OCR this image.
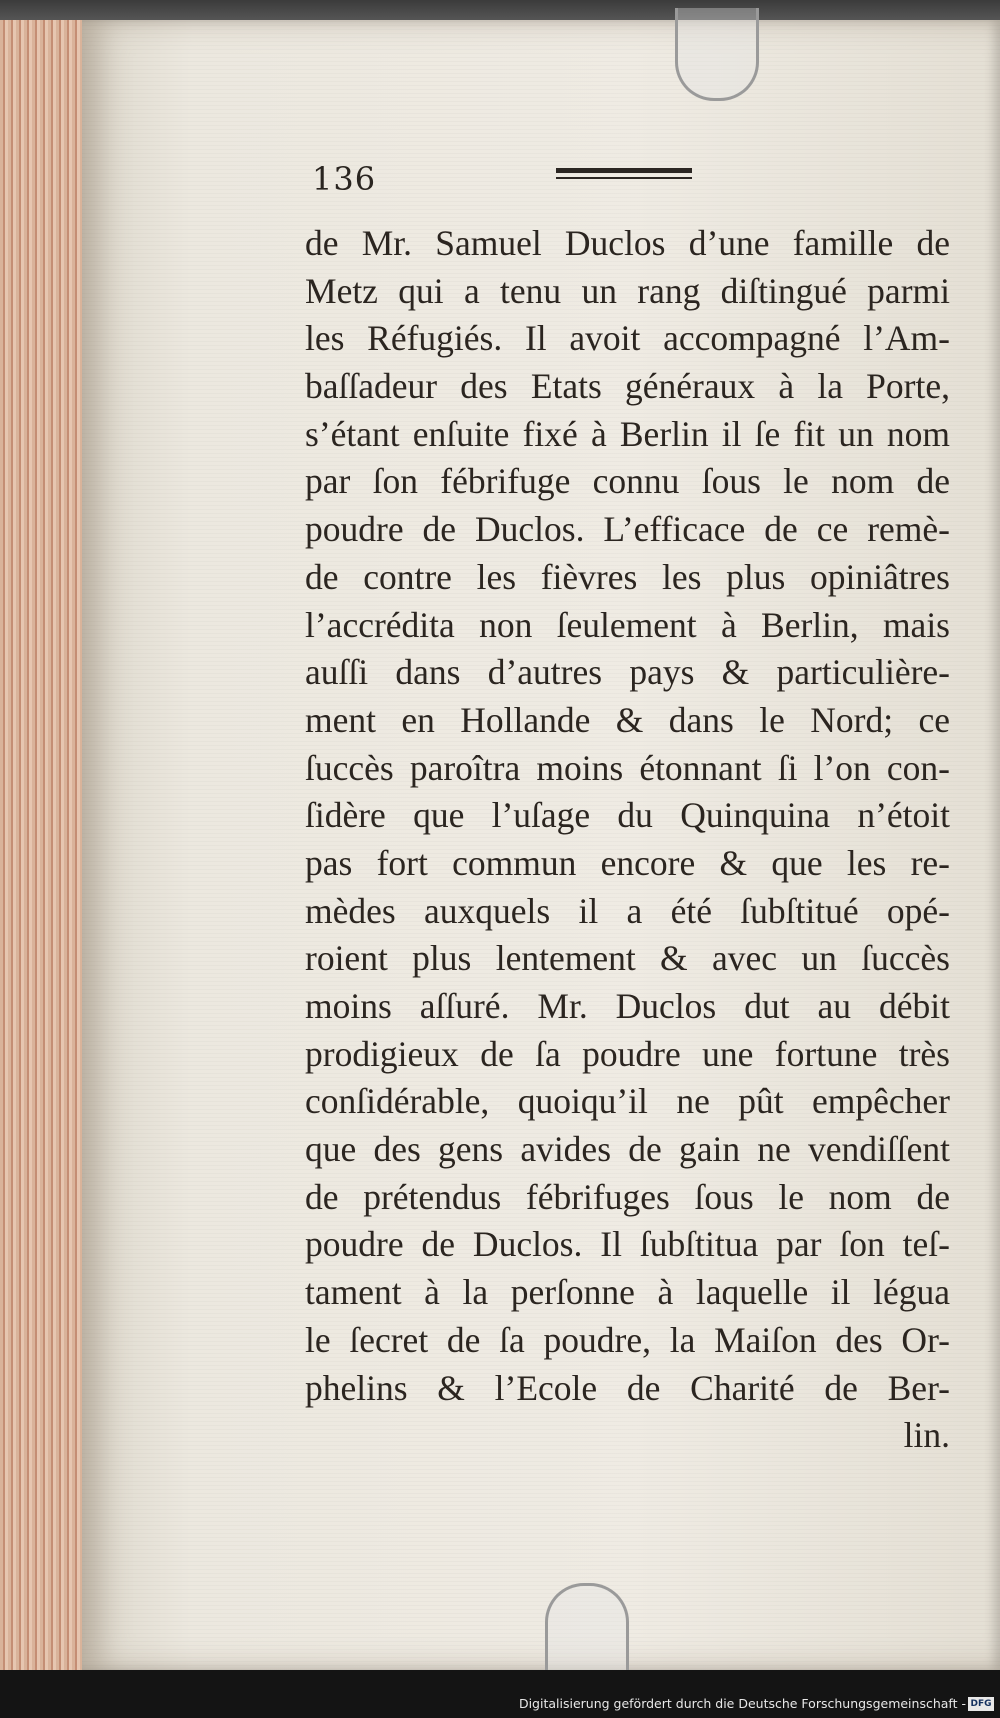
136
de Mr. Samuel Duclos d’une famille de
Metz qui a tenu un rang diſtingué parmi
les Réfugiés. Il avoit accompagné l’Am-
baſſadeur des Etats généraux à la Porte,
s’étant enſuite fixé à Berlin il ſe fit un nom
par ſon fébrifuge connu ſous le nom de
poudre de Duclos. L’efficace de ce remè-
de contre les fièvres les plus opiniâtres
l’accrédita non ſeulement à Berlin, mais
auſſi dans d’autres pays & particulière-
ment en Hollande & dans le Nord; ce
ſuccès paroîtra moins étonnant ſi l’on con-
ſidère que l’uſage du Quinquina n’étoit
pas fort commun encore & que les re-
mèdes auxquels il a été ſubſtitué opé-
roient plus lentement & avec un ſuccès
moins aſſuré. Mr. Duclos dut au débit
prodigieux de ſa poudre une fortune très
conſidérable, quoiqu’il ne pût empêcher
que des gens avides de gain ne vendiſſent
de prétendus fébrifuges ſous le nom de
poudre de Duclos. Il ſubſtitua par ſon teſ-
tament à la perſonne à laquelle il légua
le ſecret de ſa poudre, la Maiſon des Or-
phelins & l’Ecole de Charité de Ber-
lin.
Digitalisierung gefördert durch die Deutsche Forschungsgemeinschaft - DFG
